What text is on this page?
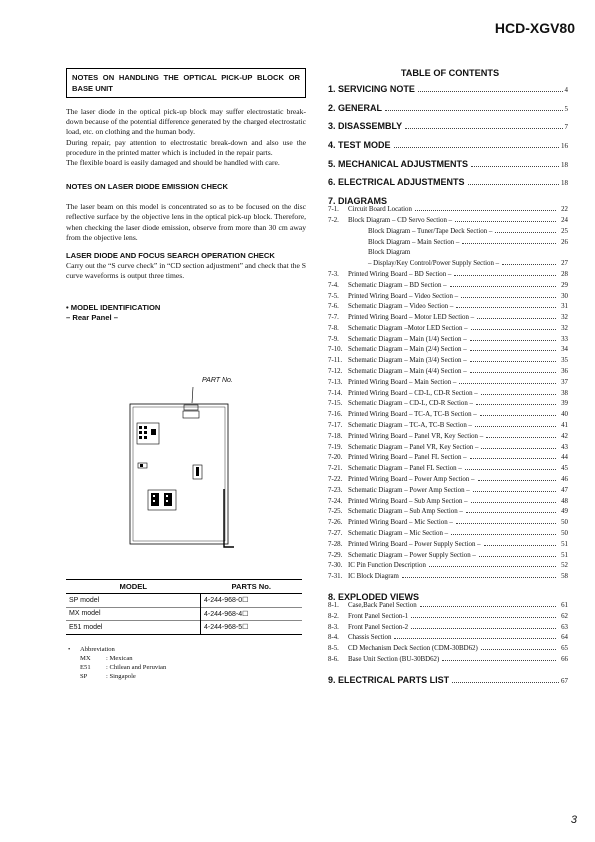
HCD-XGV80
NOTES ON HANDLING THE OPTICAL PICK-UP BLOCK OR BASE UNIT

The laser diode in the optical pick-up block may suffer electrostatic break-down because of the potential difference generated by the charged electrostatic load, etc. on clothing and the human body.

During repair, pay attention to electrostatic break-down and also use the procedure in the printed matter which is included in the repair parts.

The flexible board is easily damaged and should be handled with care.

NOTES ON LASER DIODE EMISSION CHECK

The laser beam on this model is concentrated so as to be focused on the disc reflective surface by the objective lens in the optical pick-up block. Therefore, when checking the laser diode emission, observe from more than 30 cm away from the objective lens.

LASER DIODE AND FOCUS SEARCH OPERATION CHECK

Carry out the “S curve check” in “CD section adjustment” and check that the S curve waveforms is output three times.

• MODEL IDENTIFICATION

– Rear Panel –

PART No.
MODEL	PARTS No.
SP model	4-244-968-0☐
MX model	4-244-968-4☐
E51 model	4-244-968-5☐
•	Abbreviation
MX	: Mexican
E51	: Chilean and Peruvian
SP	: Singapole
TABLE OF CONTENTS
1. SERVICING NOTE	4
2. GENERAL	5
3. DISASSEMBLY	7
4. TEST MODE	16
5. MECHANICAL ADJUSTMENTS	18
6. ELECTRICAL ADJUSTMENTS	18
7. DIAGRAMS
7-1.	Circuit Board Location	22
7-2.	Block Diagram – CD Servo Section –	24
Block Diagram – Tuner/Tape Deck Section –	25
Block Diagram – Main Section –	26
Block Diagram
– Display/Key Control/Power Supply Section –	27
7-3.	Printed Wiring Board – BD Section –	28
7-4.	Schematic Diagram – BD Section –	29
7-5.	Printed Wiring Board – Video Section –	30
7-6.	Schematic Diagram – Video Section –	31
7-7.	Printed Wiring Board – Motor LED Section –	32
7-8.	Schematic Diagram –Motor LED Section –	32
7-9.	Schematic Diagram – Main (1/4) Section –	33
7-10. Schematic Diagram – Main (2/4) Section –	34
7-11. Schematic Diagram – Main (3/4) Section –	35
7-12. Schematic Diagram – Main (4/4) Section –	36
7-13. Printed Wiring Board – Main Section –	37
7-14. Printed Wiring Board – CD-L, CD-R Section –	38
7-15. Schematic Diagram – CD-L, CD-R Section –	39
7-16. Printed Wiring Board – TC-A, TC-B Section –	40
7-17. Schematic Diagram – TC-A, TC-B Section –	41
7-18. Printed Wiring Board – Panel VR, Key Section –	42
7-19. Schematic Diagram – Panel VR, Key Section –	43
7-20. Printed Wiring Board – Panel FL Section –	44
7-21. Schematic Diagram – Panel FL Section –	45
7-22. Printed Wiring Board – Power Amp Section –	46
7-23. Schematic Diagram – Power Amp Section –	47
7-24. Printed Wiring Board – Sub Amp Section –	48
7-25. Schematic Diagram – Sub Amp Section –	49
7-26. Printed Wiring Board – Mic Section –	50
7-27. Schematic Diagram – Mic Section –	50
7-28. Printed Wiring Board – Power Supply Section –	51
7-29. Schematic Diagram – Power Supply Section –	51
7-30. IC Pin Function Description	52
7-31. IC Block Diagram	58
8. EXPLODED VIEWS
8-1.	Case,Back Panel Section	61
8-2.	Front Panel Section-1	62
8-3.	Front Panel Section-2	63
8-4.	Chassis Section	64
8-5.	CD Mechanism Deck Section (CDM-30BD62)	65
8-6.	Base Unit Section (BU-30BD62)	66
9. ELECTRICAL PARTS LIST	67
3
